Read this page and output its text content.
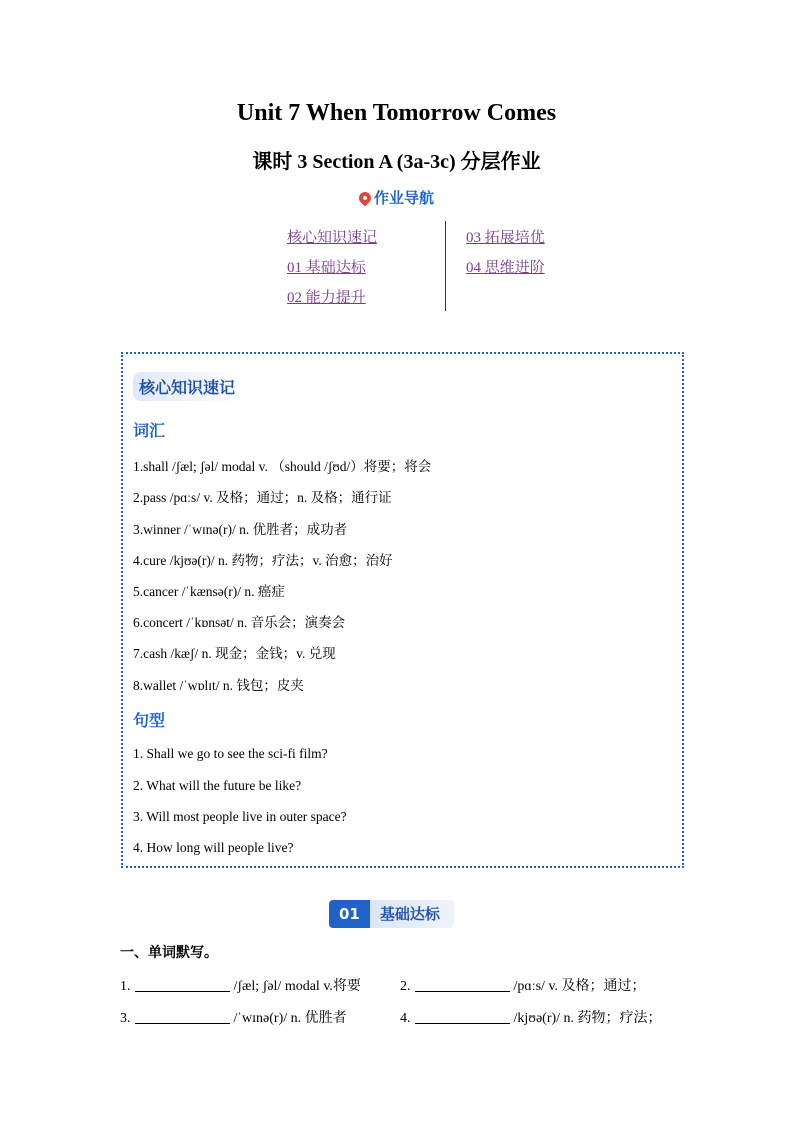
Unit 7 When Tomorrow Comes
课时 3 Section A (3a-3c) 分层作业
作业导航
核心知识速记
01 基础达标
02 能力提升
03 拓展培优
04 思维进阶
核心知识速记
词汇
1.shall /ʃæl; ʃəl/ modal v. （should /ʃʊd/）将要；将会
2.pass /pɑːs/ v. 及格；通过；n. 及格；通行证
3.winner /ˈwɪnə(r)/ n. 优胜者；成功者
4.cure /kjʊə(r)/ n. 药物；疗法；v. 治愈；治好
5.cancer /ˈkænsə(r)/ n. 癌症
6.concert /ˈkɒnsət/ n. 音乐会；演奏会
7.cash /kæʃ/ n. 现金；金钱；v. 兑现
8.wallet /ˈwɒlɪt/ n. 钱包；皮夹
句型
1. Shall we go to see the sci-fi film?
2. What will the future be like?
3. Will most people live in outer space?
4. How long will people live?
01	基础达标
一、单词默写。
1.	/ʃæl; ʃəl/ modal v.将要	2.	/pɑːs/ v. 及格；通过；
3.	/ˈwɪnə(r)/ n. 优胜者	4.	/kjʊə(r)/ n. 药物；疗法；
